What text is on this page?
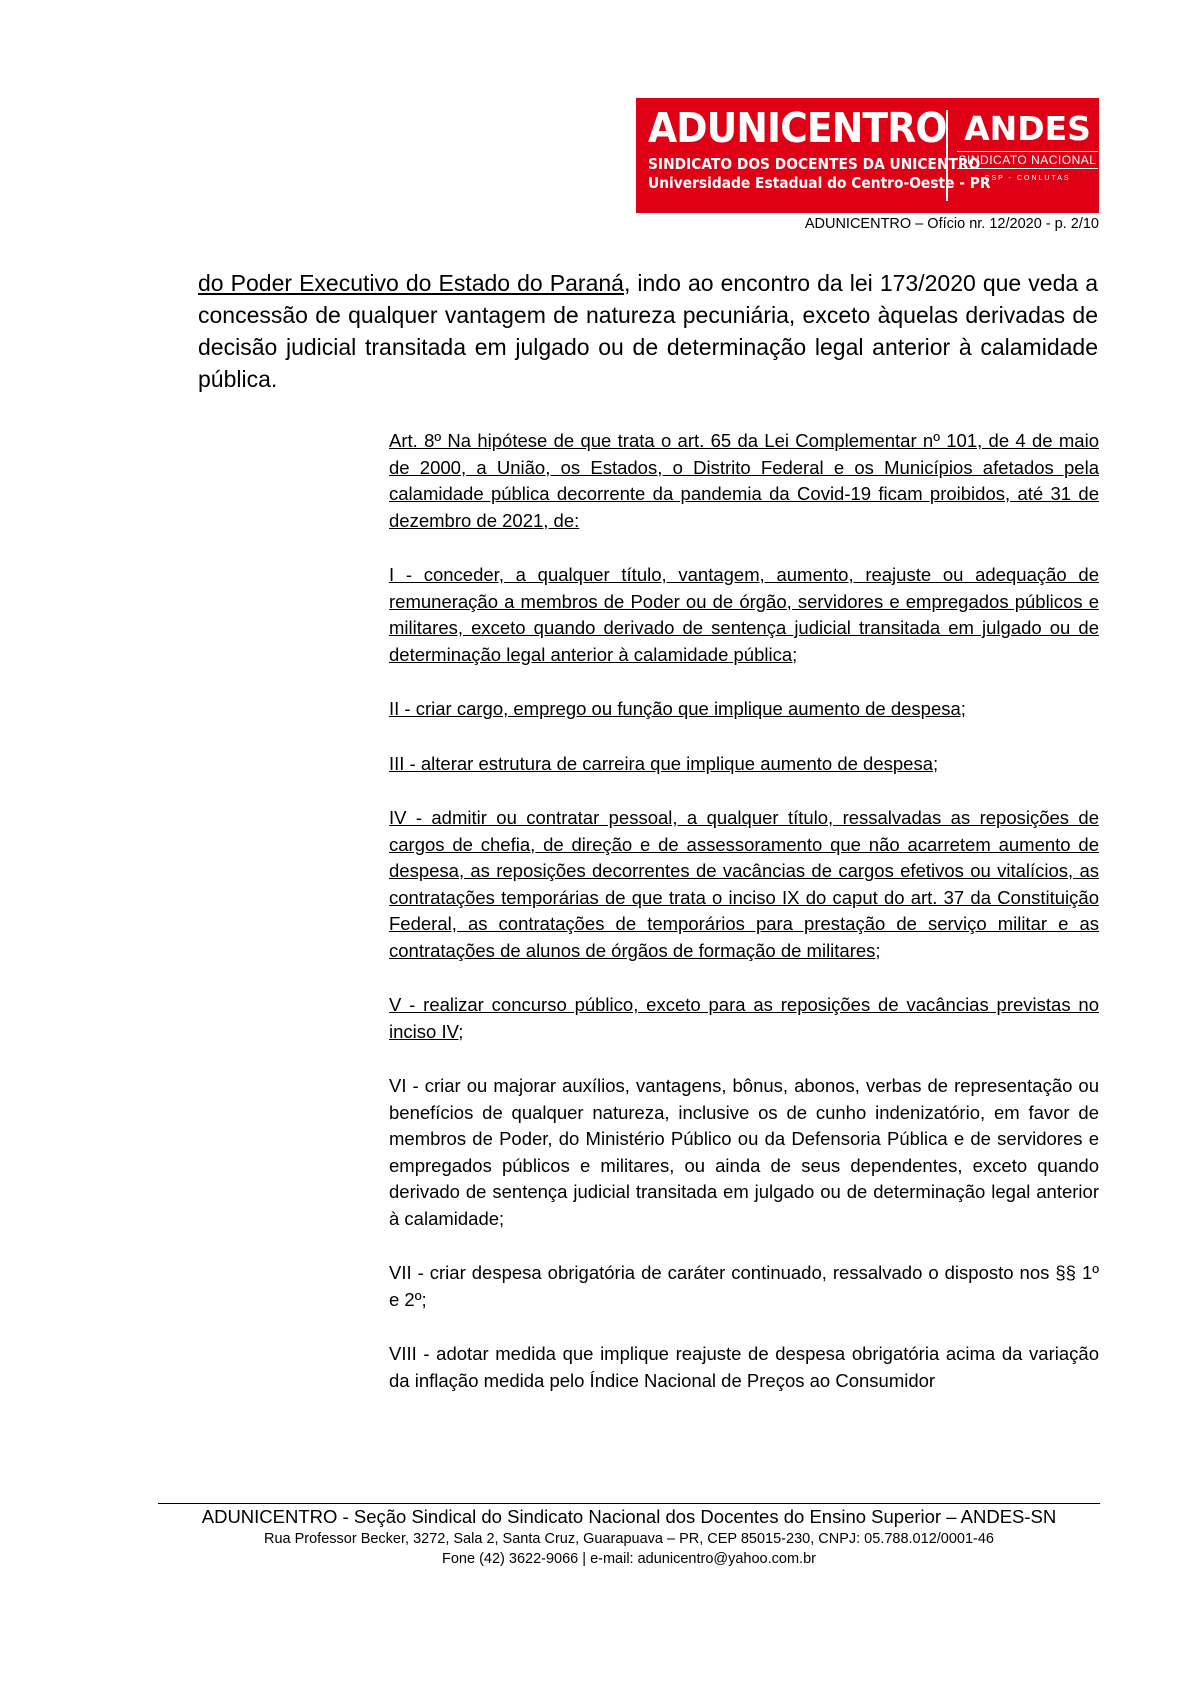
ADUNICENTRO
SINDICATO DOS DOCENTES DA UNICENTRO
Universidade Estadual do Centro-Oeste - PR
ANDES
SINDICATO NACIONAL
CSP - CONLUTAS
ADUNICENTRO – Ofício nr. 12/2020 - p. 2/10
do Poder Executivo do Estado do Paraná, indo ao encontro da lei 173/2020 que veda a concessão de qualquer vantagem de natureza pecuniária, exceto àquelas derivadas de decisão judicial transitada em julgado ou de determinação legal anterior à calamidade pública.

Art. 8º Na hipótese de que trata o art. 65 da Lei Complementar nº 101, de 4 de maio de 2000, a União, os Estados, o Distrito Federal e os Municípios afetados pela calamidade pública decorrente da pandemia da Covid-19 ficam proibidos, até 31 de dezembro de 2021, de:

I - conceder, a qualquer título, vantagem, aumento, reajuste ou adequação de remuneração a membros de Poder ou de órgão, servidores e empregados públicos e militares, exceto quando derivado de sentença judicial transitada em julgado ou de determinação legal anterior à calamidade pública;

II - criar cargo, emprego ou função que implique aumento de despesa;

III - alterar estrutura de carreira que implique aumento de despesa;

IV - admitir ou contratar pessoal, a qualquer título, ressalvadas as reposições de cargos de chefia, de direção e de assessoramento que não acarretem aumento de despesa, as reposições decorrentes de vacâncias de cargos efetivos ou vitalícios, as contratações temporárias de que trata o inciso IX do caput do art. 37 da Constituição Federal, as contratações de temporários para prestação de serviço militar e as contratações de alunos de órgãos de formação de militares;

V - realizar concurso público, exceto para as reposições de vacâncias previstas no inciso IV;

VI - criar ou majorar auxílios, vantagens, bônus, abonos, verbas de representação ou benefícios de qualquer natureza, inclusive os de cunho indenizatório, em favor de membros de Poder, do Ministério Público ou da Defensoria Pública e de servidores e empregados públicos e militares, ou ainda de seus dependentes, exceto quando derivado de sentença judicial transitada em julgado ou de determinação legal anterior à calamidade;

VII - criar despesa obrigatória de caráter continuado, ressalvado o disposto nos §§ 1º e 2º;

VIII - adotar medida que implique reajuste de despesa obrigatória acima da variação da inflação medida pelo Índice Nacional de Preços ao Consumidor

ADUNICENTRO - Seção Sindical do Sindicato Nacional dos Docentes do Ensino Superior – ANDES-SN
Rua Professor Becker, 3272, Sala 2, Santa Cruz, Guarapuava – PR, CEP 85015-230, CNPJ: 05.788.012/0001-46
Fone (42) 3622-9066 | e-mail: adunicentro@yahoo.com.br
